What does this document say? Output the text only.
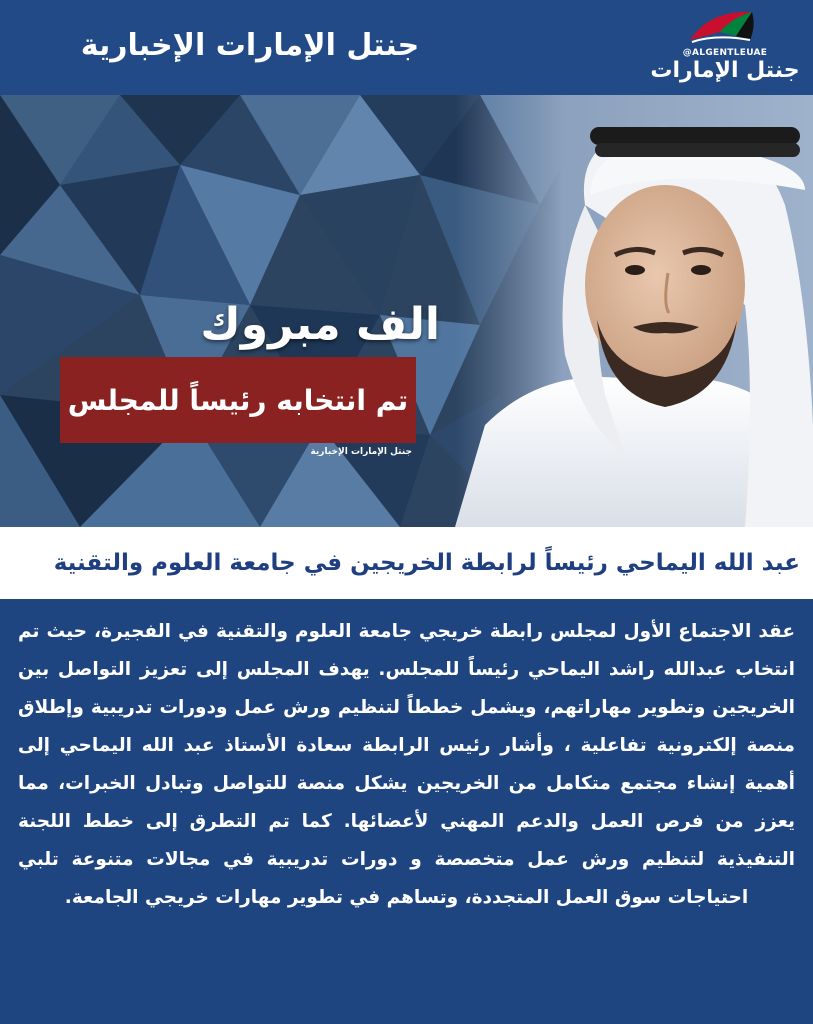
جنتل الإمارات الإخبارية	@ALGENTLEUAE
جنتل الإمارات
الف مبروك
تم انتخابه رئيساً للمجلس
جنتل الإمارات الإخبارية
عبد الله اليماحي رئيساً لرابطة الخريجين في جامعة العلوم والتقنية
عقد الاجتماع الأول لمجلس رابطة خريجي جامعة العلوم والتقنية في الفجيرة، حيث تم انتخاب عبدالله راشد اليماحي رئيساً للمجلس. يهدف المجلس إلى تعزيز التواصل بين الخريجين وتطوير مهاراتهم، ويشمل خططاً لتنظيم ورش عمل ودورات تدريبية وإطلاق منصة إلكترونية تفاعلية ، وأشار رئيس الرابطة سعادة الأستاذ عبد الله اليماحي إلى أهمية إنشاء مجتمع متكامل من الخريجين يشكل منصة للتواصل وتبادل الخبرات، مما يعزز من فرص العمل والدعم المهني لأعضائها. كما تم التطرق إلى خطط اللجنة التنفيذية لتنظيم ورش عمل متخصصة و دورات تدريبية في مجالات متنوعة تلبي احتياجات سوق العمل المتجددة، وتساهم في تطوير مهارات خريجي الجامعة.
